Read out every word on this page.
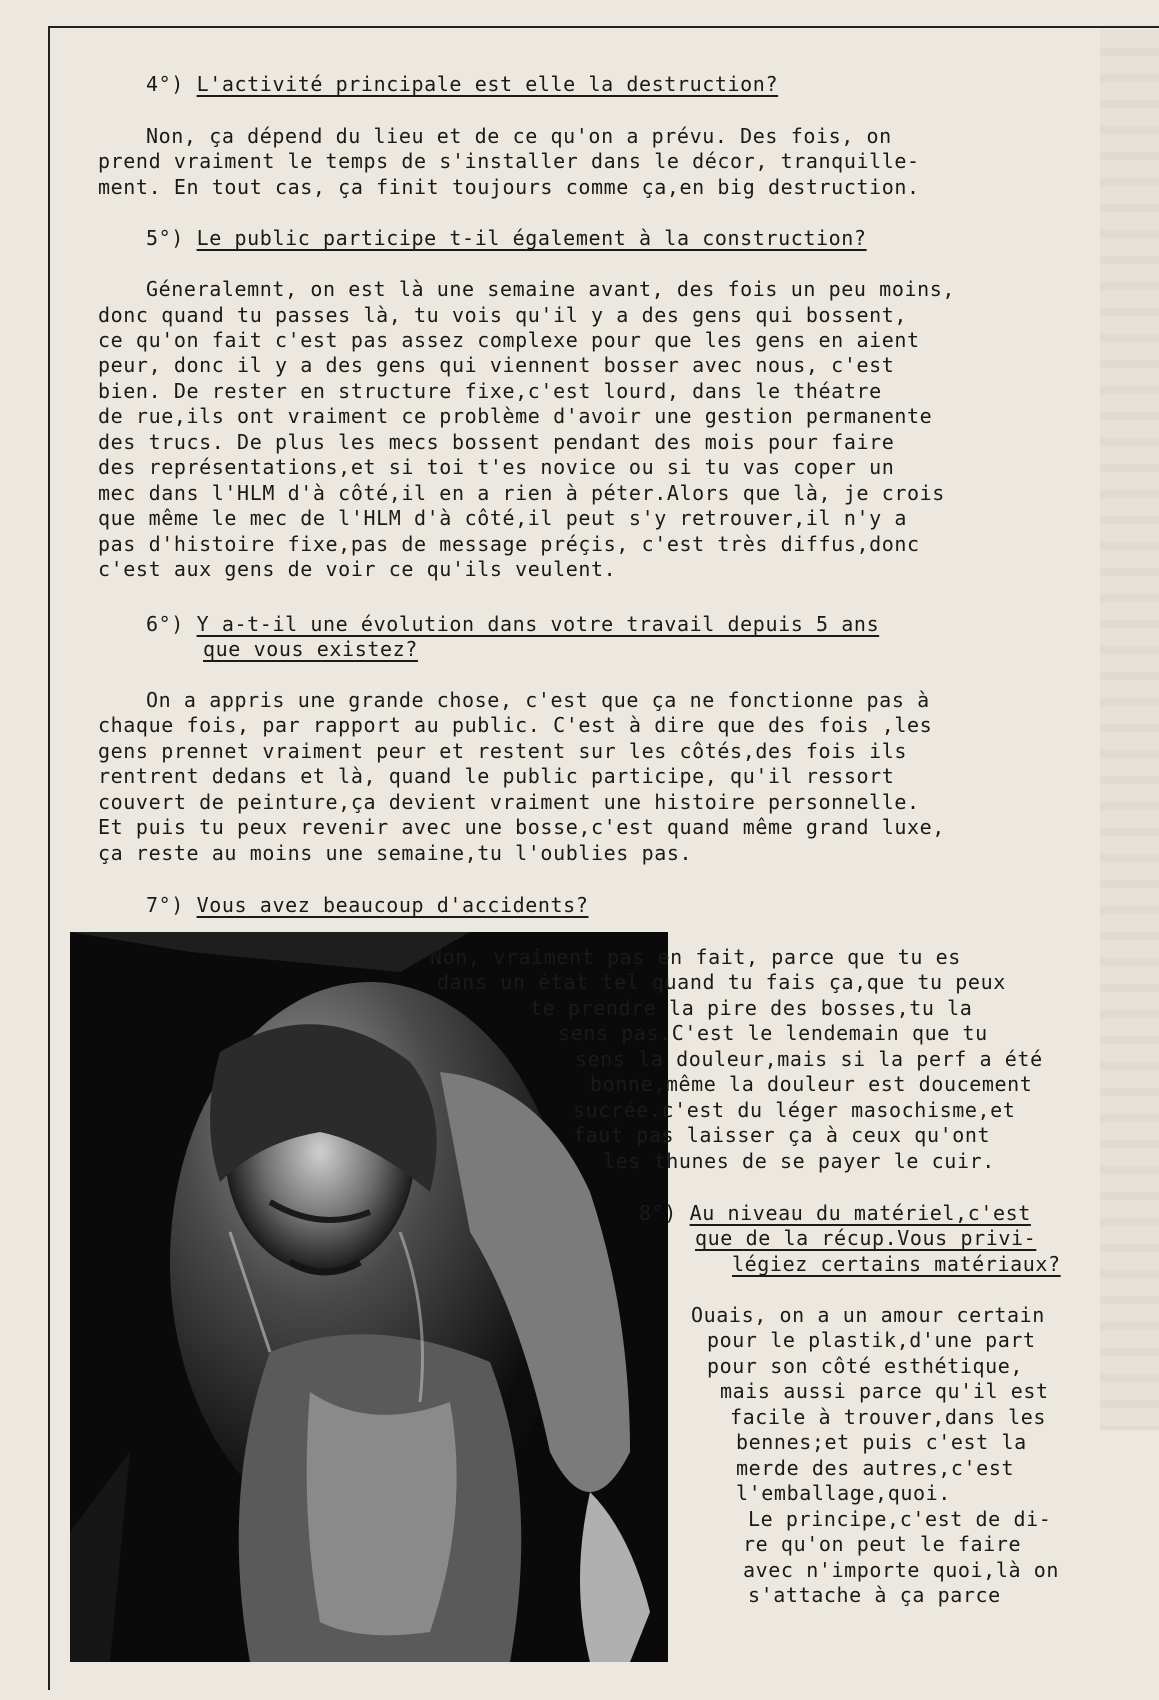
4°) L'activité principale est elle la destruction?
Non, ça dépend du lieu et de ce qu'on a prévu. Des fois, on
prend vraiment le temps de s'installer dans le décor, tranquille-
ment. En tout cas, ça finit toujours comme ça,en big destruction.
5°) Le public participe t-il également à la construction?
Géneralemnt, on est là une semaine avant, des fois un peu moins,
donc quand tu passes là, tu vois qu'il y a des gens qui bossent,
ce qu'on fait c'est pas assez complexe pour que les gens en aient
peur, donc il y a des gens qui viennent bosser avec nous, c'est
bien. De rester en structure fixe,c'est lourd, dans le théatre
de rue,ils ont vraiment ce problème d'avoir une gestion permanente
des trucs. De plus les mecs bossent pendant des mois pour faire
des représentations,et si toi t'es novice ou si tu vas coper un
mec dans l'HLM d'à côté,il en a rien à péter.Alors que là, je crois
que même le mec de l'HLM d'à côté,il peut s'y retrouver,il n'y a
pas d'histoire fixe,pas de message préçis, c'est très diffus,donc
c'est aux gens de voir ce qu'ils veulent.
6°) Y a-t-il une évolution dans votre travail depuis 5 ans
que vous existez?
On a appris une grande chose, c'est que ça ne fonctionne pas à
chaque fois, par rapport au public. C'est à dire que des fois ,les
gens prennet vraiment peur et restent sur les côtés,des fois ils
rentrent dedans et là, quand le public participe, qu'il ressort
couvert de peinture,ça devient vraiment une histoire personnelle.
Et puis tu peux revenir avec une bosse,c'est quand même grand luxe,
ça reste au moins une semaine,tu l'oublies pas.
7°) Vous avez beaucoup d'accidents?
Non, vraiment pas en fait, parce que tu es
dans un état tel quand tu fais ça,que tu peux
te prendre la pire des bosses,tu la
sens pas.C'est le lendemain que tu
sens la douleur,mais si la perf a été
bonne,même la douleur est doucement
sucrée.c'est du léger masochisme,et
faut pas laisser ça à ceux qu'ont
les thunes de se payer le cuir.
8°) Au niveau du matériel,c'est
que de la récup.Vous privi-
légiez certains matériaux?
Ouais, on a un amour certain
pour le plastik,d'une part
pour son côté esthétique,
mais aussi parce qu'il est
facile à trouver,dans les
bennes;et puis c'est la
merde des autres,c'est
l'emballage,quoi.
Le principe,c'est de di-
re qu'on peut le faire
avec n'importe quoi,là on
s'attache à ça parce
